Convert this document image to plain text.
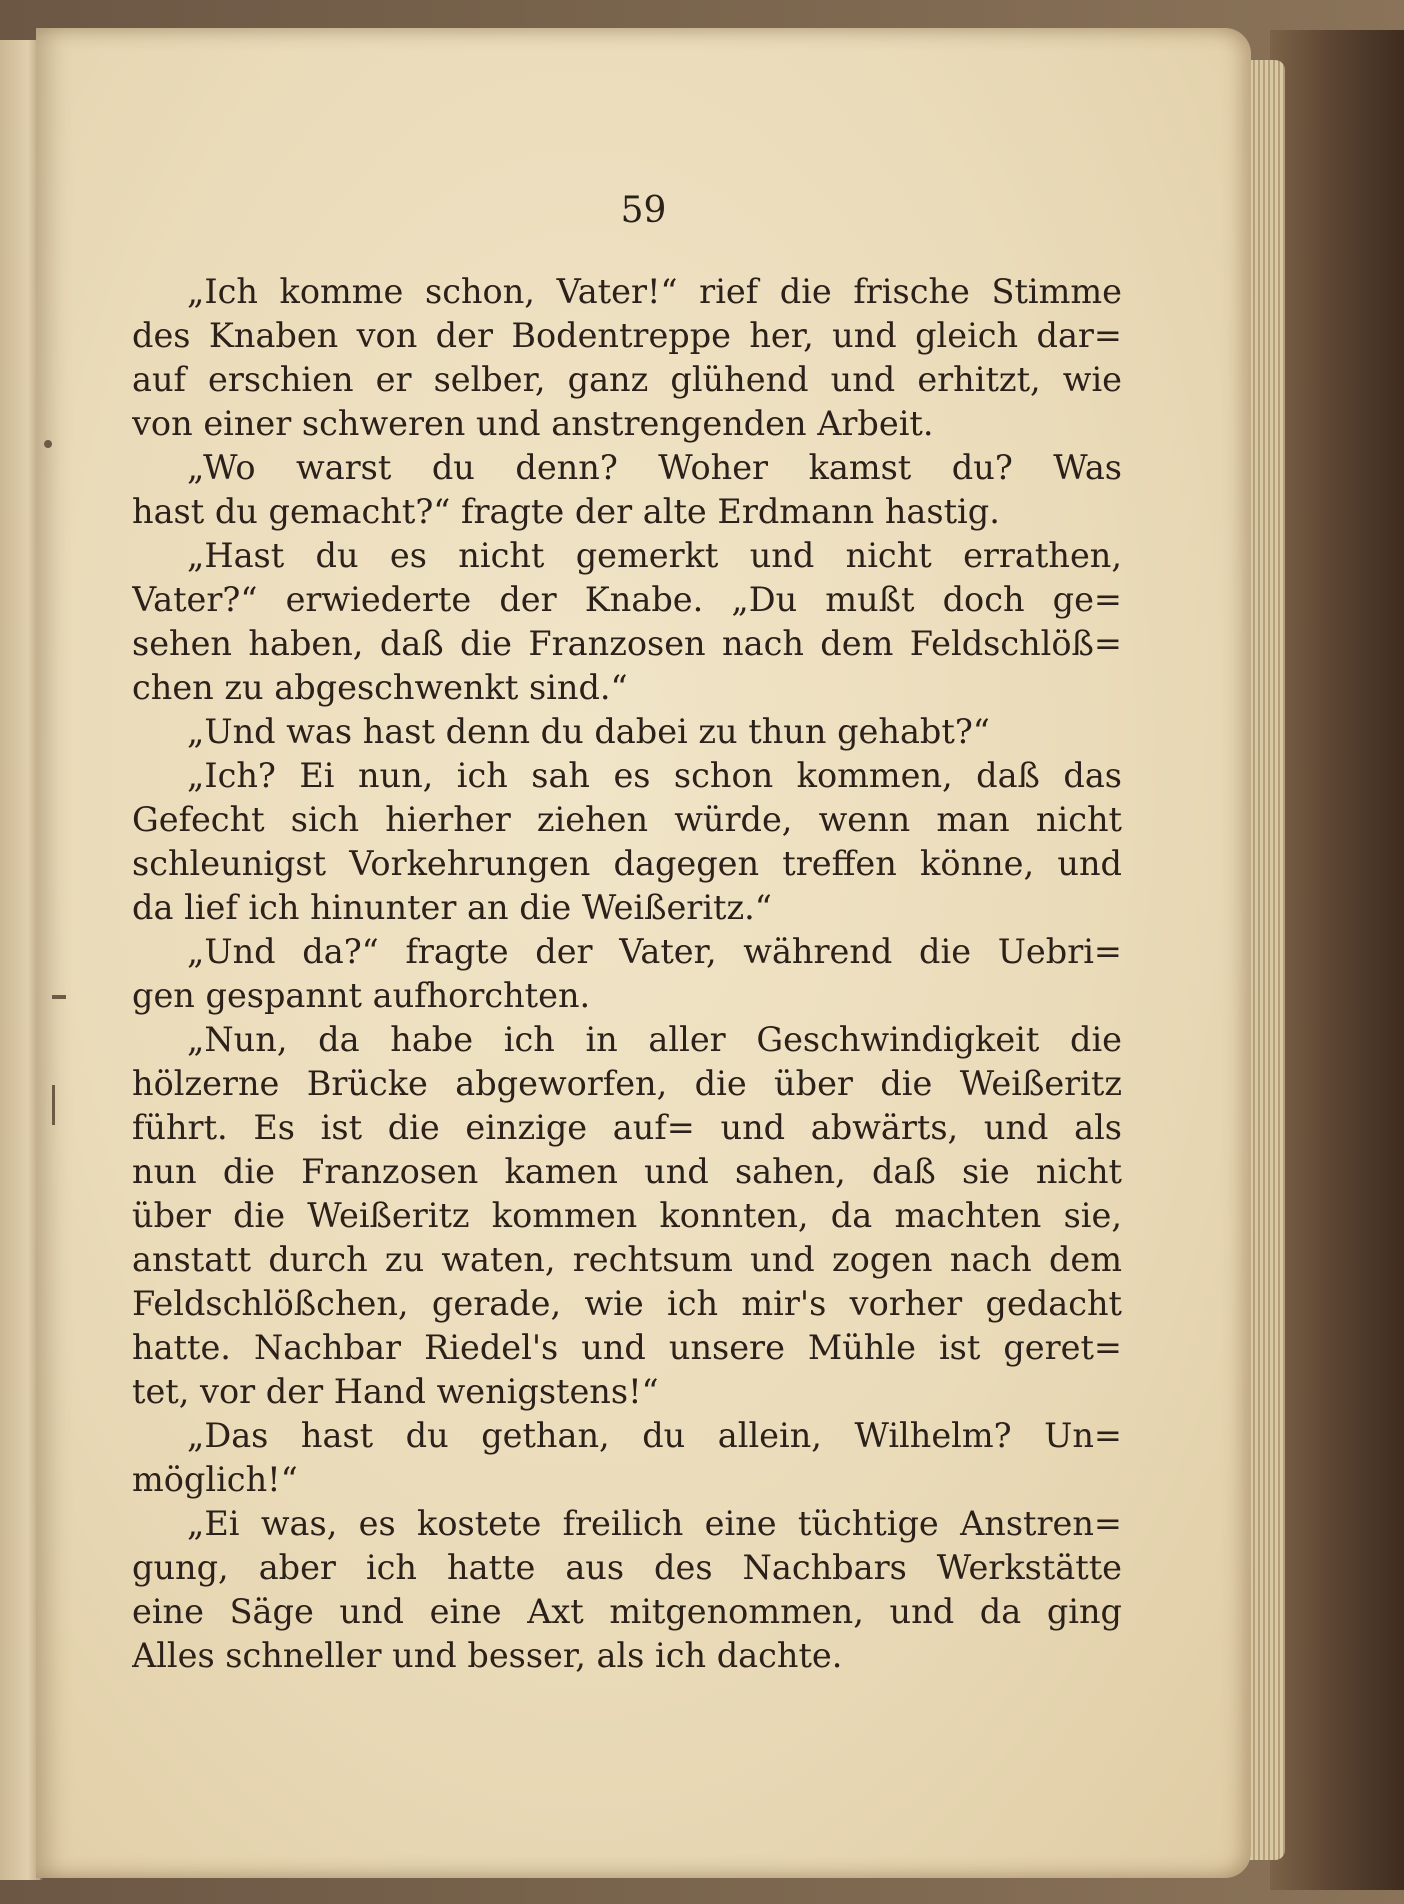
59
„Ich komme schon, Vater!“ rief die frische Stimme
des Knaben von der Bodentreppe her, und gleich dar=
auf erschien er selber, ganz glühend und erhitzt, wie
von einer schweren und anstrengenden Arbeit.
„Wo warst du denn? Woher kamst du? Was
hast du gemacht?“ fragte der alte Erdmann hastig.
„Hast du es nicht gemerkt und nicht errathen,
Vater?“ erwiederte der Knabe. „Du mußt doch ge=
sehen haben, daß die Franzosen nach dem Feldschlöß=
chen zu abgeschwenkt sind.“
„Und was hast denn du dabei zu thun gehabt?“
„Ich? Ei nun, ich sah es schon kommen, daß das
Gefecht sich hierher ziehen würde, wenn man nicht
schleunigst Vorkehrungen dagegen treffen könne, und
da lief ich hinunter an die Weißeritz.“
„Und da?“ fragte der Vater, während die Uebri=
gen gespannt aufhorchten.
„Nun, da habe ich in aller Geschwindigkeit die
hölzerne Brücke abgeworfen, die über die Weißeritz
führt. Es ist die einzige auf= und abwärts, und als
nun die Franzosen kamen und sahen, daß sie nicht
über die Weißeritz kommen konnten, da machten sie,
anstatt durch zu waten, rechtsum und zogen nach dem
Feldschlößchen, gerade, wie ich mir's vorher gedacht
hatte. Nachbar Riedel's und unsere Mühle ist geret=
tet, vor der Hand wenigstens!“
„Das hast du gethan, du allein, Wilhelm? Un=
möglich!“
„Ei was, es kostete freilich eine tüchtige Anstren=
gung, aber ich hatte aus des Nachbars Werkstätte
eine Säge und eine Axt mitgenommen, und da ging
Alles schneller und besser, als ich dachte.
